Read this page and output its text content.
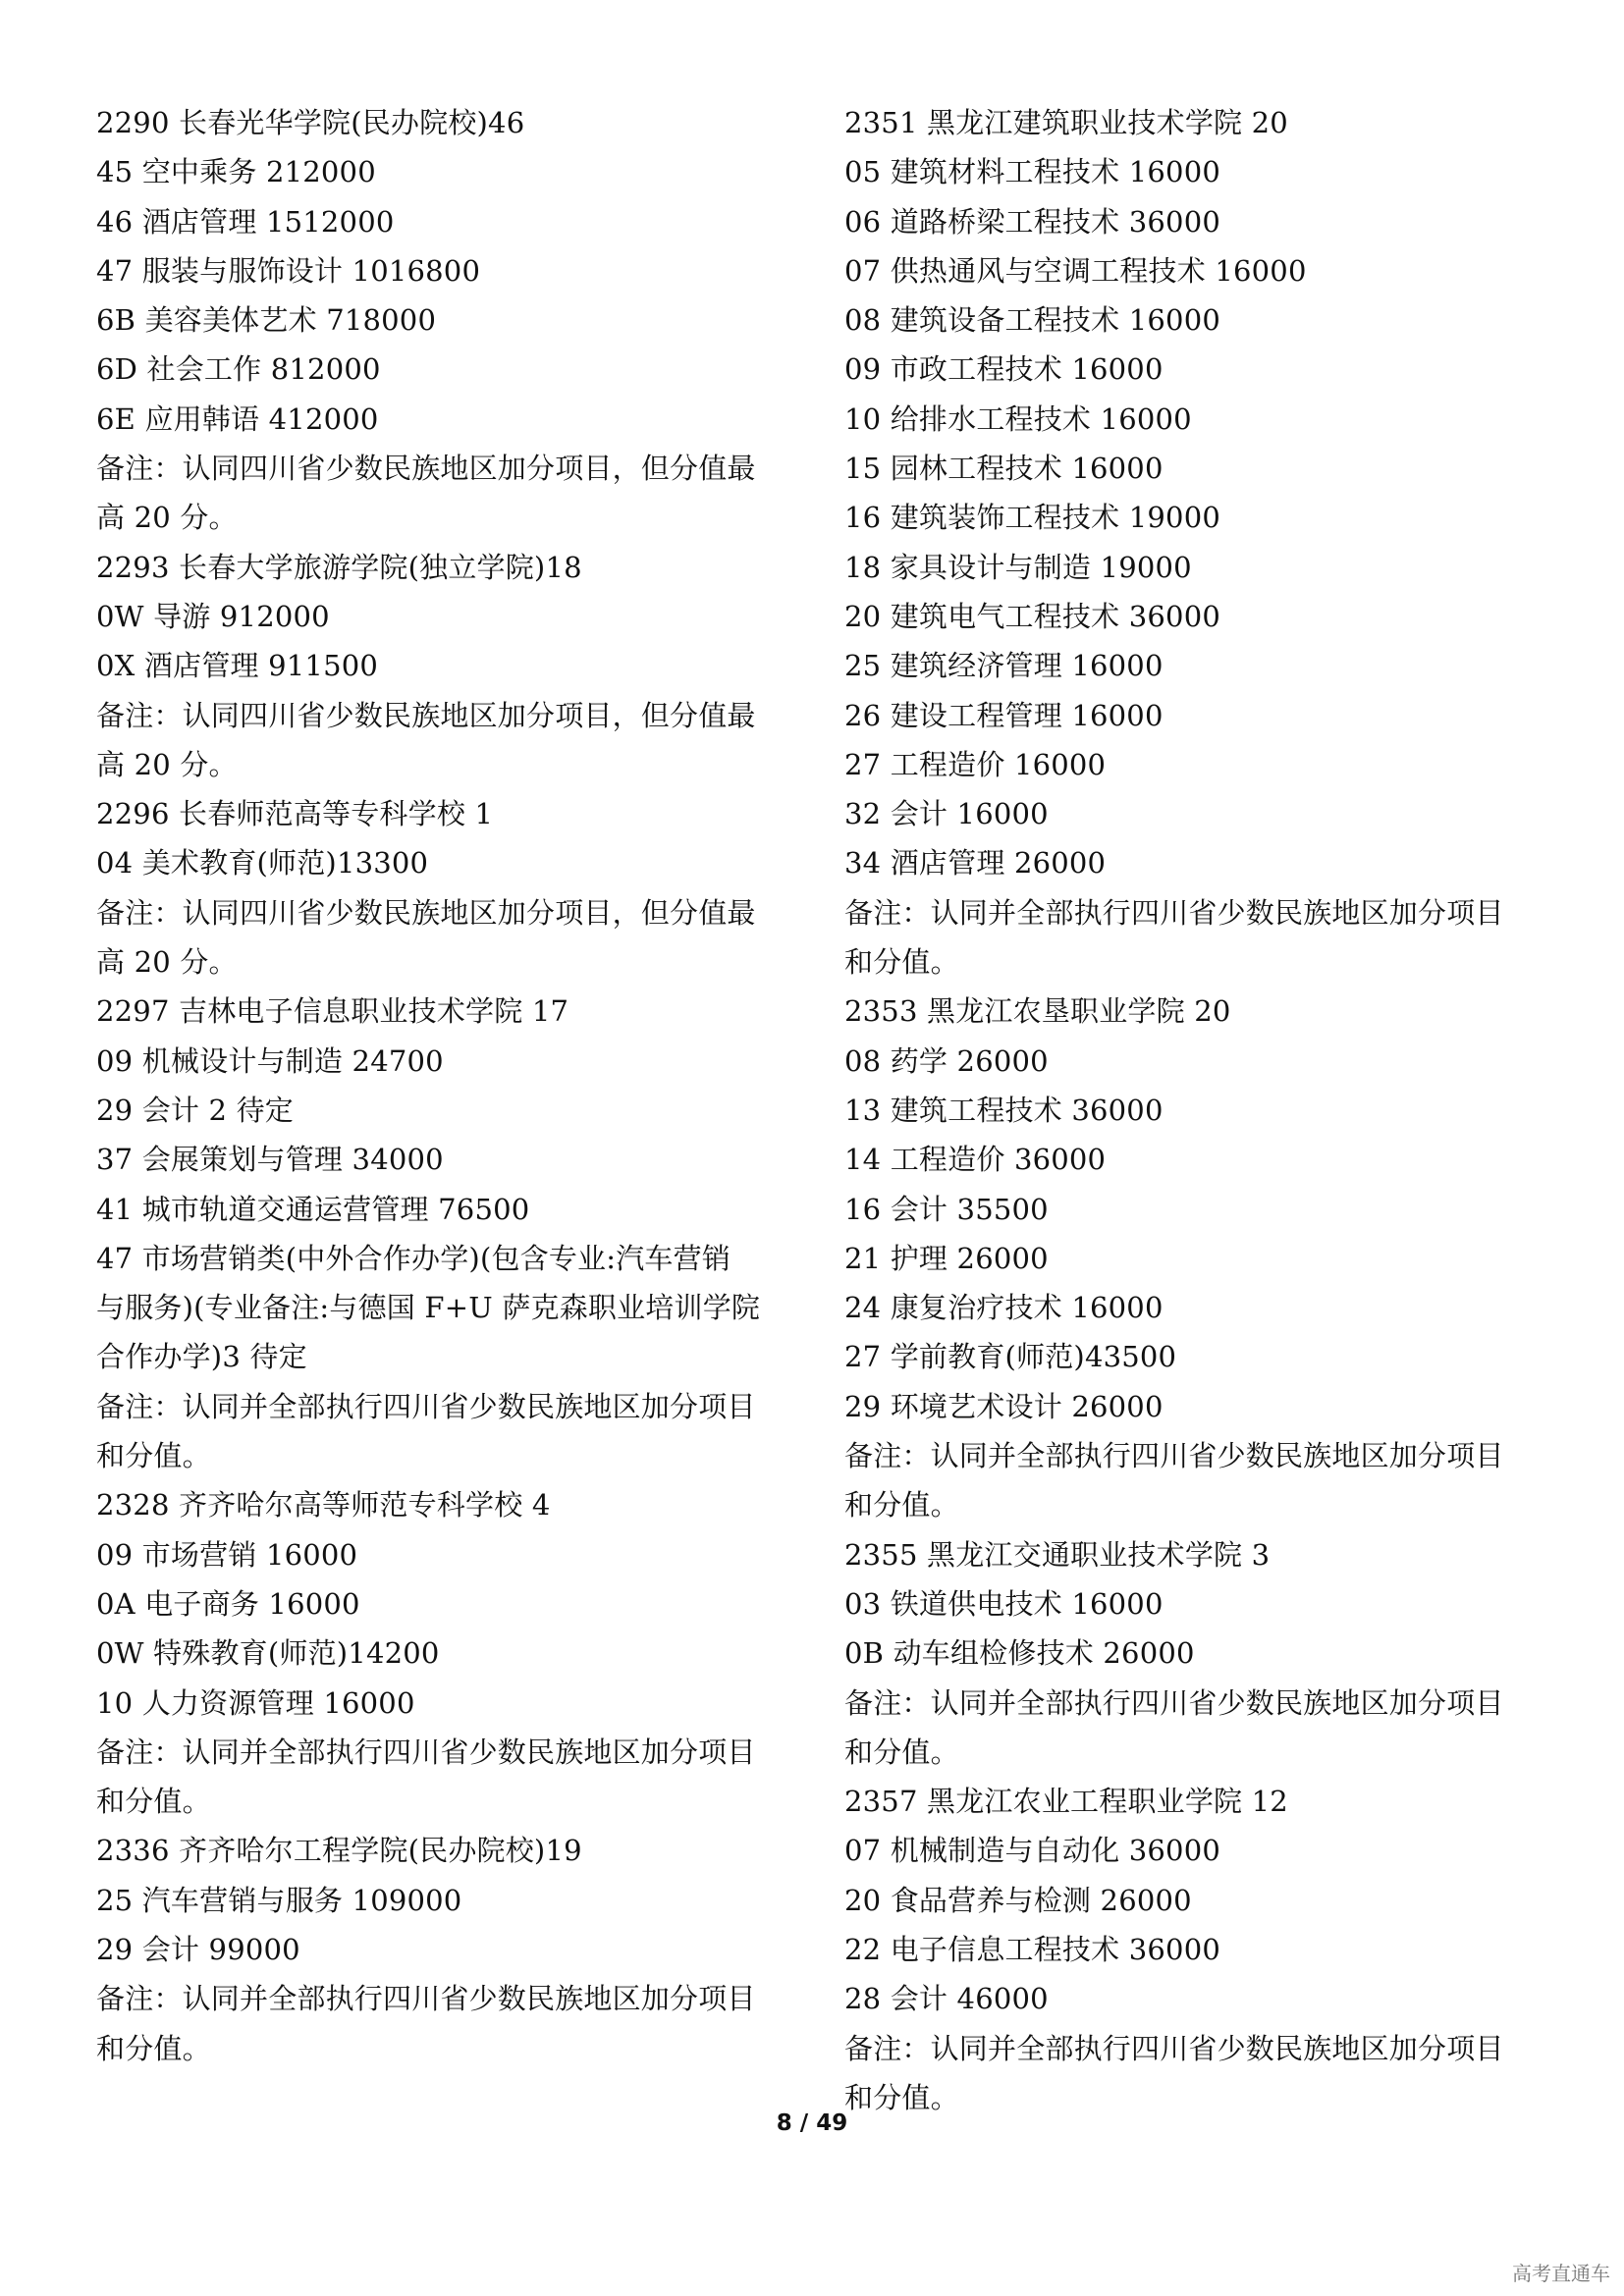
2290 长春光华学院(民办院校)46
45 空中乘务 212000
46 酒店管理 1512000
47 服装与服饰设计 1016800
6B 美容美体艺术 718000
6D 社会工作 812000
6E 应用韩语 412000
备注：认同四川省少数民族地区加分项目，但分值最
高 20 分。
2293 长春大学旅游学院(独立学院)18
0W 导游 912000
0X 酒店管理 911500
备注：认同四川省少数民族地区加分项目，但分值最
高 20 分。
2296 长春师范高等专科学校 1
04 美术教育(师范)13300
备注：认同四川省少数民族地区加分项目，但分值最
高 20 分。
2297 吉林电子信息职业技术学院 17
09 机械设计与制造 24700
29 会计 2 待定
37 会展策划与管理 34000
41 城市轨道交通运营管理 76500
47 市场营销类(中外合作办学)(包含专业:汽车营销
与服务)(专业备注:与德国 F+U 萨克森职业培训学院
合作办学)3 待定
备注：认同并全部执行四川省少数民族地区加分项目
和分值。
2328 齐齐哈尔高等师范专科学校 4
09 市场营销 16000
0A 电子商务 16000
0W 特殊教育(师范)14200
10 人力资源管理 16000
备注：认同并全部执行四川省少数民族地区加分项目
和分值。
2336 齐齐哈尔工程学院(民办院校)19
25 汽车营销与服务 109000
29 会计 99000
备注：认同并全部执行四川省少数民族地区加分项目
和分值。
2351 黑龙江建筑职业技术学院 20
05 建筑材料工程技术 16000
06 道路桥梁工程技术 36000
07 供热通风与空调工程技术 16000
08 建筑设备工程技术 16000
09 市政工程技术 16000
10 给排水工程技术 16000
15 园林工程技术 16000
16 建筑装饰工程技术 19000
18 家具设计与制造 19000
20 建筑电气工程技术 36000
25 建筑经济管理 16000
26 建设工程管理 16000
27 工程造价 16000
32 会计 16000
34 酒店管理 26000
备注：认同并全部执行四川省少数民族地区加分项目
和分值。
2353 黑龙江农垦职业学院 20
08 药学 26000
13 建筑工程技术 36000
14 工程造价 36000
16 会计 35500
21 护理 26000
24 康复治疗技术 16000
27 学前教育(师范)43500
29 环境艺术设计 26000
备注：认同并全部执行四川省少数民族地区加分项目
和分值。
2355 黑龙江交通职业技术学院 3
03 铁道供电技术 16000
0B 动车组检修技术 26000
备注：认同并全部执行四川省少数民族地区加分项目
和分值。
2357 黑龙江农业工程职业学院 12
07 机械制造与自动化 36000
20 食品营养与检测 26000
22 电子信息工程技术 36000
28 会计 46000
备注：认同并全部执行四川省少数民族地区加分项目
和分值。
8 / 49
高考直通车
